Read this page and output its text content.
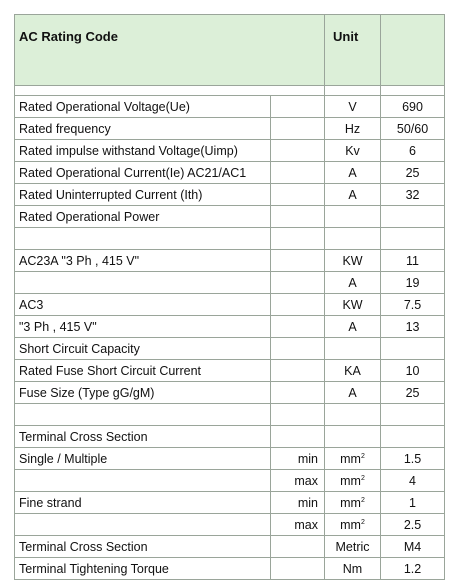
AC Rating Code		Unit	

Rated Operational Voltage(Ue)		V	690
Rated frequency		Hz	50/60
Rated impulse withstand Voltage(Uimp)		Kv	6
Rated Operational Current(Ie) AC21/AC1		A	25
Rated Uninterrupted Current (Ith)		A	32
Rated Operational Power			

AC23A "3 Ph , 415 V"		KW	11
		A	19
AC3		KW	7.5
"3 Ph , 415 V"		A	13
Short Circuit Capacity			
Rated Fuse Short Circuit Current		KA	10
Fuse Size (Type gG/gM)		A	25

Terminal Cross Section			
Single / Multiple	min	$mm^2$	1.5
	max	$mm^2$	4
Fine strand	min	$mm^2$	1
	max	$mm^2$	2.5
Terminal Cross Section		Metric	M4
Terminal Tightening Torque		Nm	1.2
